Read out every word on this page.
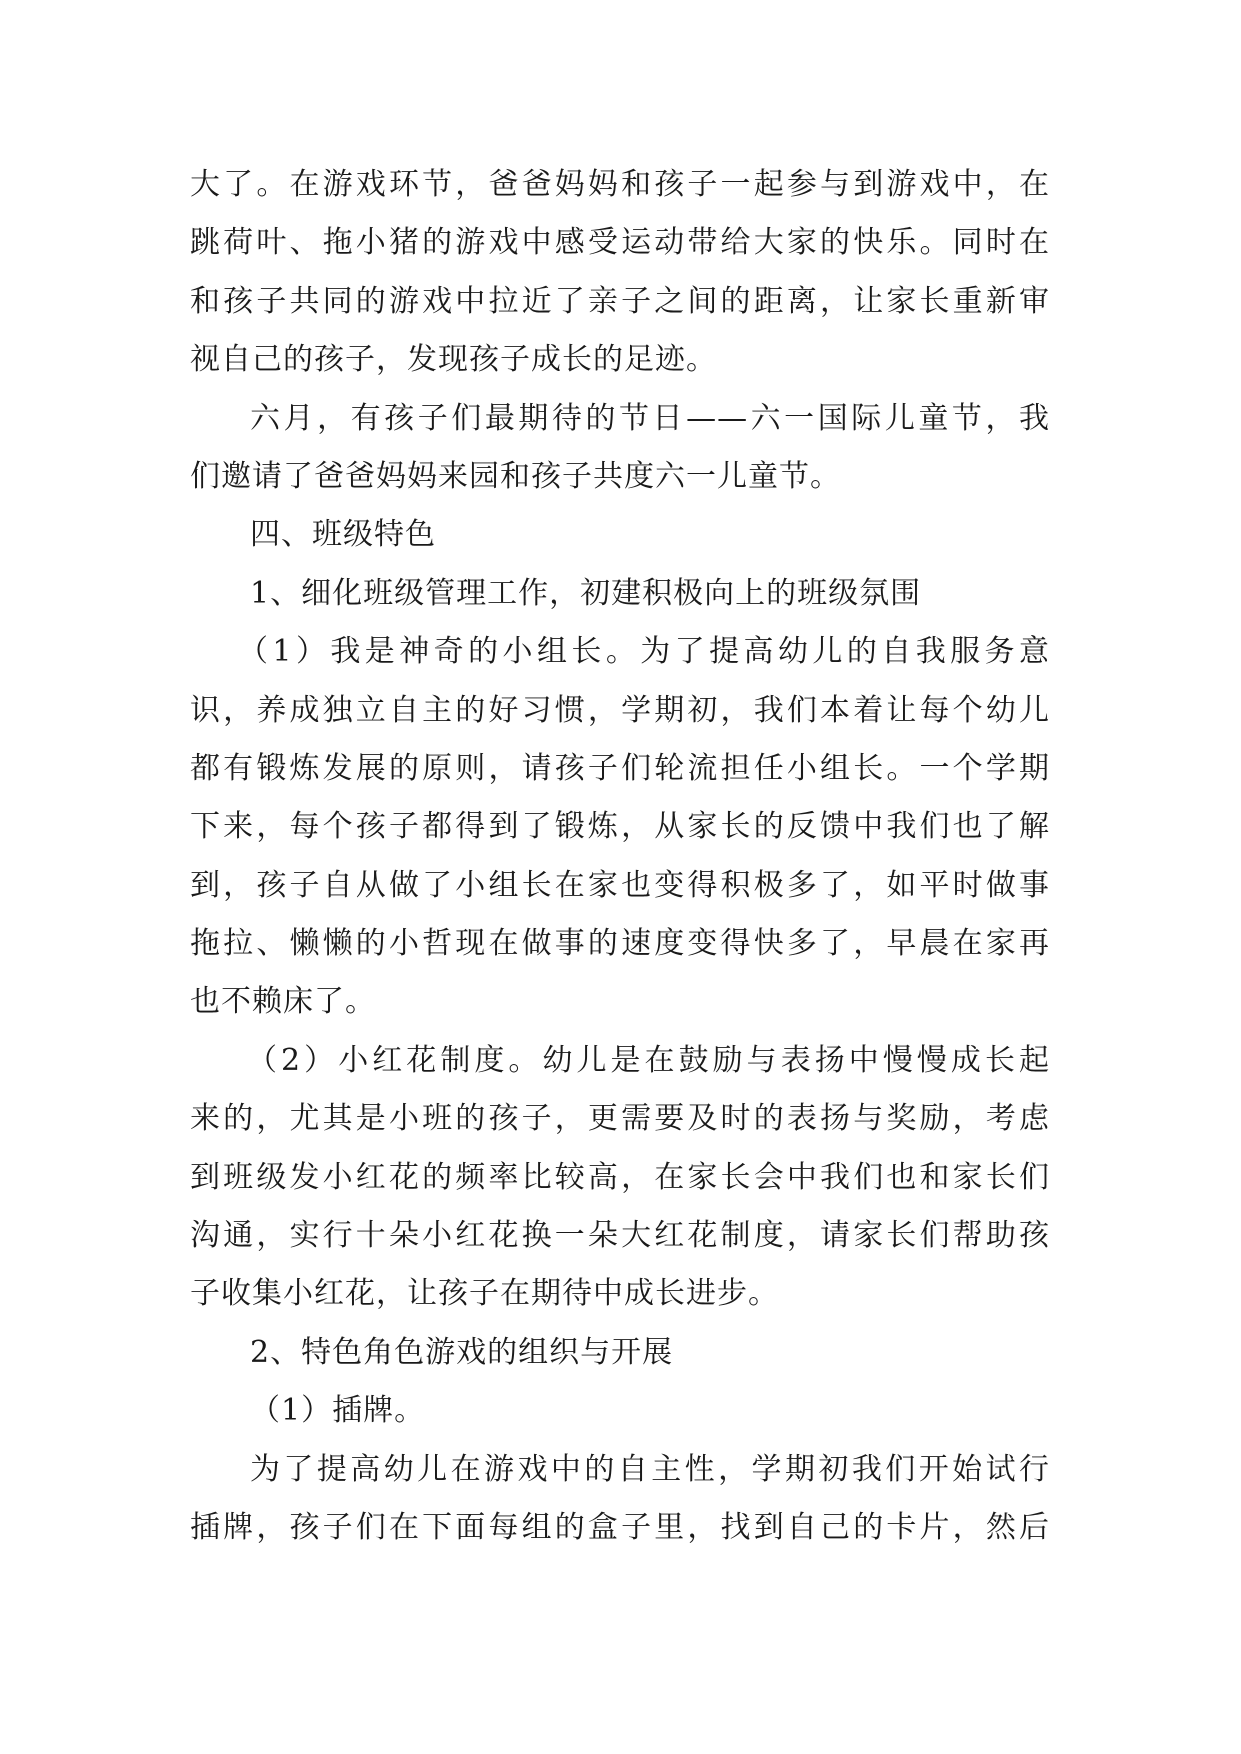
大了。在游戏环节，爸爸妈妈和孩子一起参与到游戏中，在
跳荷叶、拖小猪的游戏中感受运动带给大家的快乐。同时在
和孩子共同的游戏中拉近了亲子之间的距离，让家长重新审
视自己的孩子，发现孩子成长的足迹。
六月，有孩子们最期待的节日——六一国际儿童节，我
们邀请了爸爸妈妈来园和孩子共度六一儿童节。
四、班级特色
1、细化班级管理工作，初建积极向上的班级氛围
（1）我是神奇的小组长。为了提高幼儿的自我服务意
识，养成独立自主的好习惯，学期初，我们本着让每个幼儿
都有锻炼发展的原则，请孩子们轮流担任小组长。一个学期
下来，每个孩子都得到了锻炼，从家长的反馈中我们也了解
到，孩子自从做了小组长在家也变得积极多了，如平时做事
拖拉、懒懒的小哲现在做事的速度变得快多了，早晨在家再
也不赖床了。
（2）小红花制度。幼儿是在鼓励与表扬中慢慢成长起
来的，尤其是小班的孩子，更需要及时的表扬与奖励，考虑
到班级发小红花的频率比较高，在家长会中我们也和家长们
沟通，实行十朵小红花换一朵大红花制度，请家长们帮助孩
子收集小红花，让孩子在期待中成长进步。
2、特色角色游戏的组织与开展
（1）插牌。
为了提高幼儿在游戏中的自主性，学期初我们开始试行
插牌，孩子们在下面每组的盒子里，找到自己的卡片，然后
